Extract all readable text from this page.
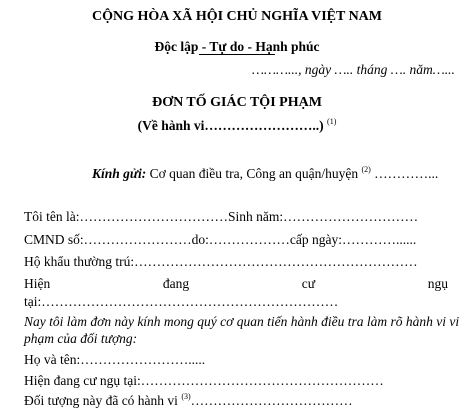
CỘNG HÒA XÃ HỘI CHỦ NGHĨA VIỆT NAM
Độc lập - Tự do - Hạnh phúc
………..., ngày ….. tháng …. năm…...
ĐƠN TỐ GIÁC TỘI PHẠM
(Về hành vi……………………..) $^{(1)}$
Kính gửi: Cơ quan điều tra, Công an quận/huyện $^{(2)}$ …………...
Tôi tên là:……………………………Sinh năm:…………………………
CMND số:……………………do:………………cấp ngày:…………......
Hộ khẩu thường trú:………………………………………………………
Hiện	đang	cư	ngụ
tại:…………………………………………………………
Nay tôi làm đơn này kính mong quý cơ quan tiến hành điều tra làm rõ hành vi vi
phạm của đối tượng:
Họ và tên:…………………….....
Hiện đang cư ngụ tại:………………………………………………
Đối tượng này đã có hành vi $^{(3)}$………………………………
